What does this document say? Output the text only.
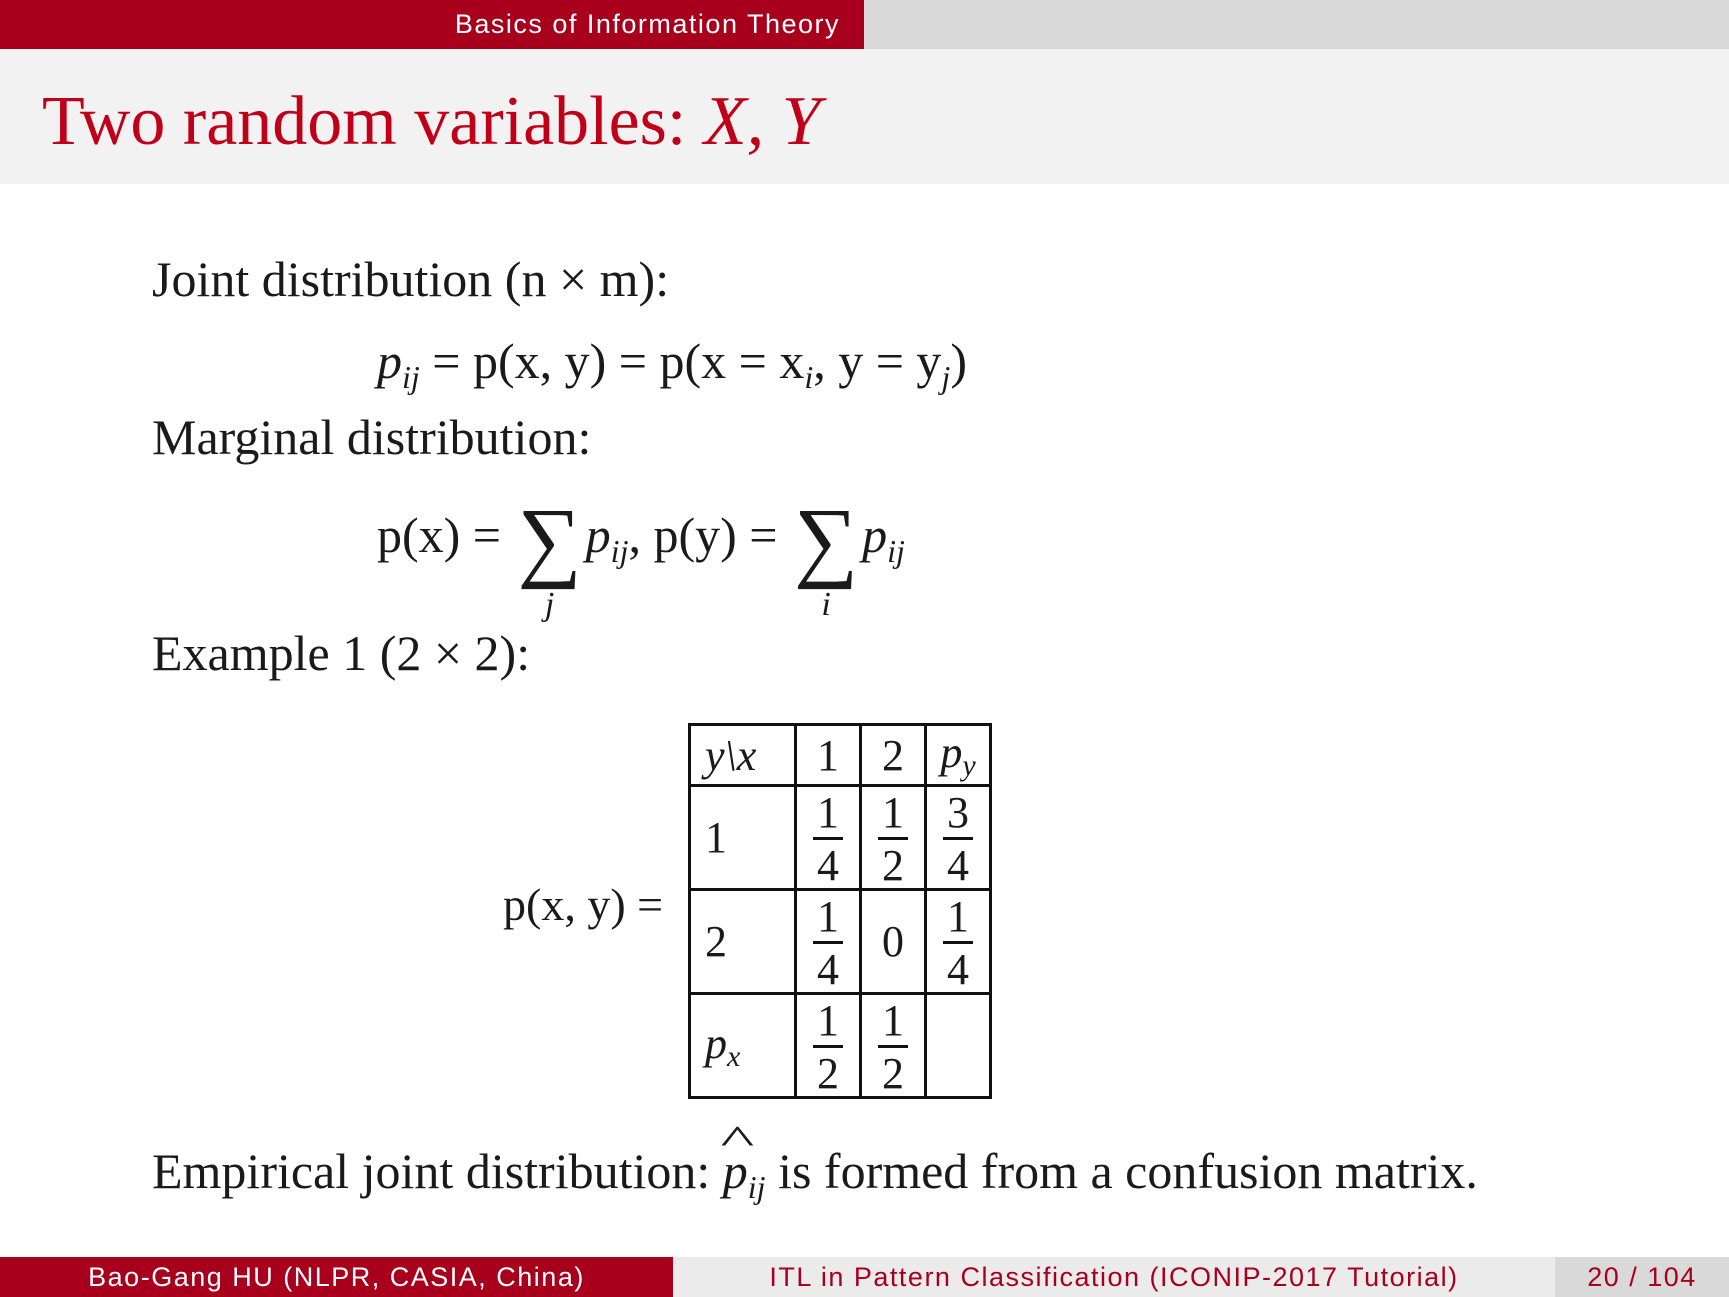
Basics of Information Theory
Two random variables: X, Y
Joint distribution (n × m):
$p_{ij} = p(x$, $y) = p(x = x_i$, $y = y_j$)
Marginal distribution:
p(x) = ∑
j
$p_{ij}$, p(y) = ∑
i
$p_{ij}$
Example 1 (2 × 2):
p(x, y) =
y\x	1	2	$p_y$
1	$\frac{1}{4}$	$\frac{1}{2}$	$\frac{3}{4}$

2	$\frac{1}{4}$	0	$\frac{1}{4}$

$p_x$	$\frac{1}{2}$	$\frac{1}{2}$

Empirical joint distribution: ^ $p_{ij}$ is formed from a confusion matrix.
Bao-Gang HU (NLPR, CASIA, China)	ITL in Pattern Classification (ICONIP-2017 Tutorial)	20 / 104
